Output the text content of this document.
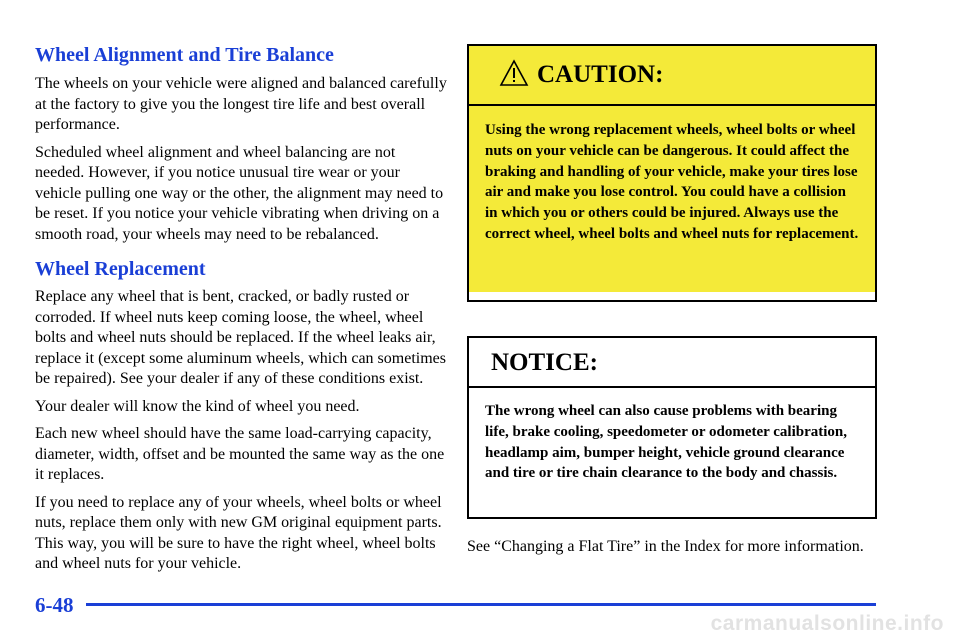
Wheel Alignment and Tire Balance

The wheels on your vehicle were aligned and balanced carefully at the factory to give you the longest tire life and best overall performance.

Scheduled wheel alignment and wheel balancing are not needed. However, if you notice unusual tire wear or your vehicle pulling one way or the other, the alignment may need to be reset. If you notice your vehicle vibrating when driving on a smooth road, your wheels may need to be rebalanced.

Wheel Replacement

Replace any wheel that is bent, cracked, or badly rusted or corroded. If wheel nuts keep coming loose, the wheel, wheel bolts and wheel nuts should be replaced. If the wheel leaks air, replace it (except some aluminum wheels, which can sometimes be repaired). See your dealer if any of these conditions exist.

Your dealer will know the kind of wheel you need.

Each new wheel should have the same load-carrying capacity, diameter, width, offset and be mounted the same way as the one it replaces.

If you need to replace any of your wheels, wheel bolts or wheel nuts, replace them only with new GM original equipment parts. This way, you will be sure to have the right wheel, wheel bolts and wheel nuts for your vehicle.

CAUTION:

Using the wrong replacement wheels, wheel bolts or wheel nuts on your vehicle can be dangerous. It could affect the braking and handling of your vehicle, make your tires lose air and make you lose control. You could have a collision in which you or others could be injured. Always use the correct wheel, wheel bolts and wheel nuts for replacement.

NOTICE:

The wrong wheel can also cause problems with bearing life, brake cooling, speedometer or odometer calibration, headlamp aim, bumper height, vehicle ground clearance and tire or tire chain clearance to the body and chassis.

See “Changing a Flat Tire” in the Index for more information.

6-48
carmanualsonline.info
